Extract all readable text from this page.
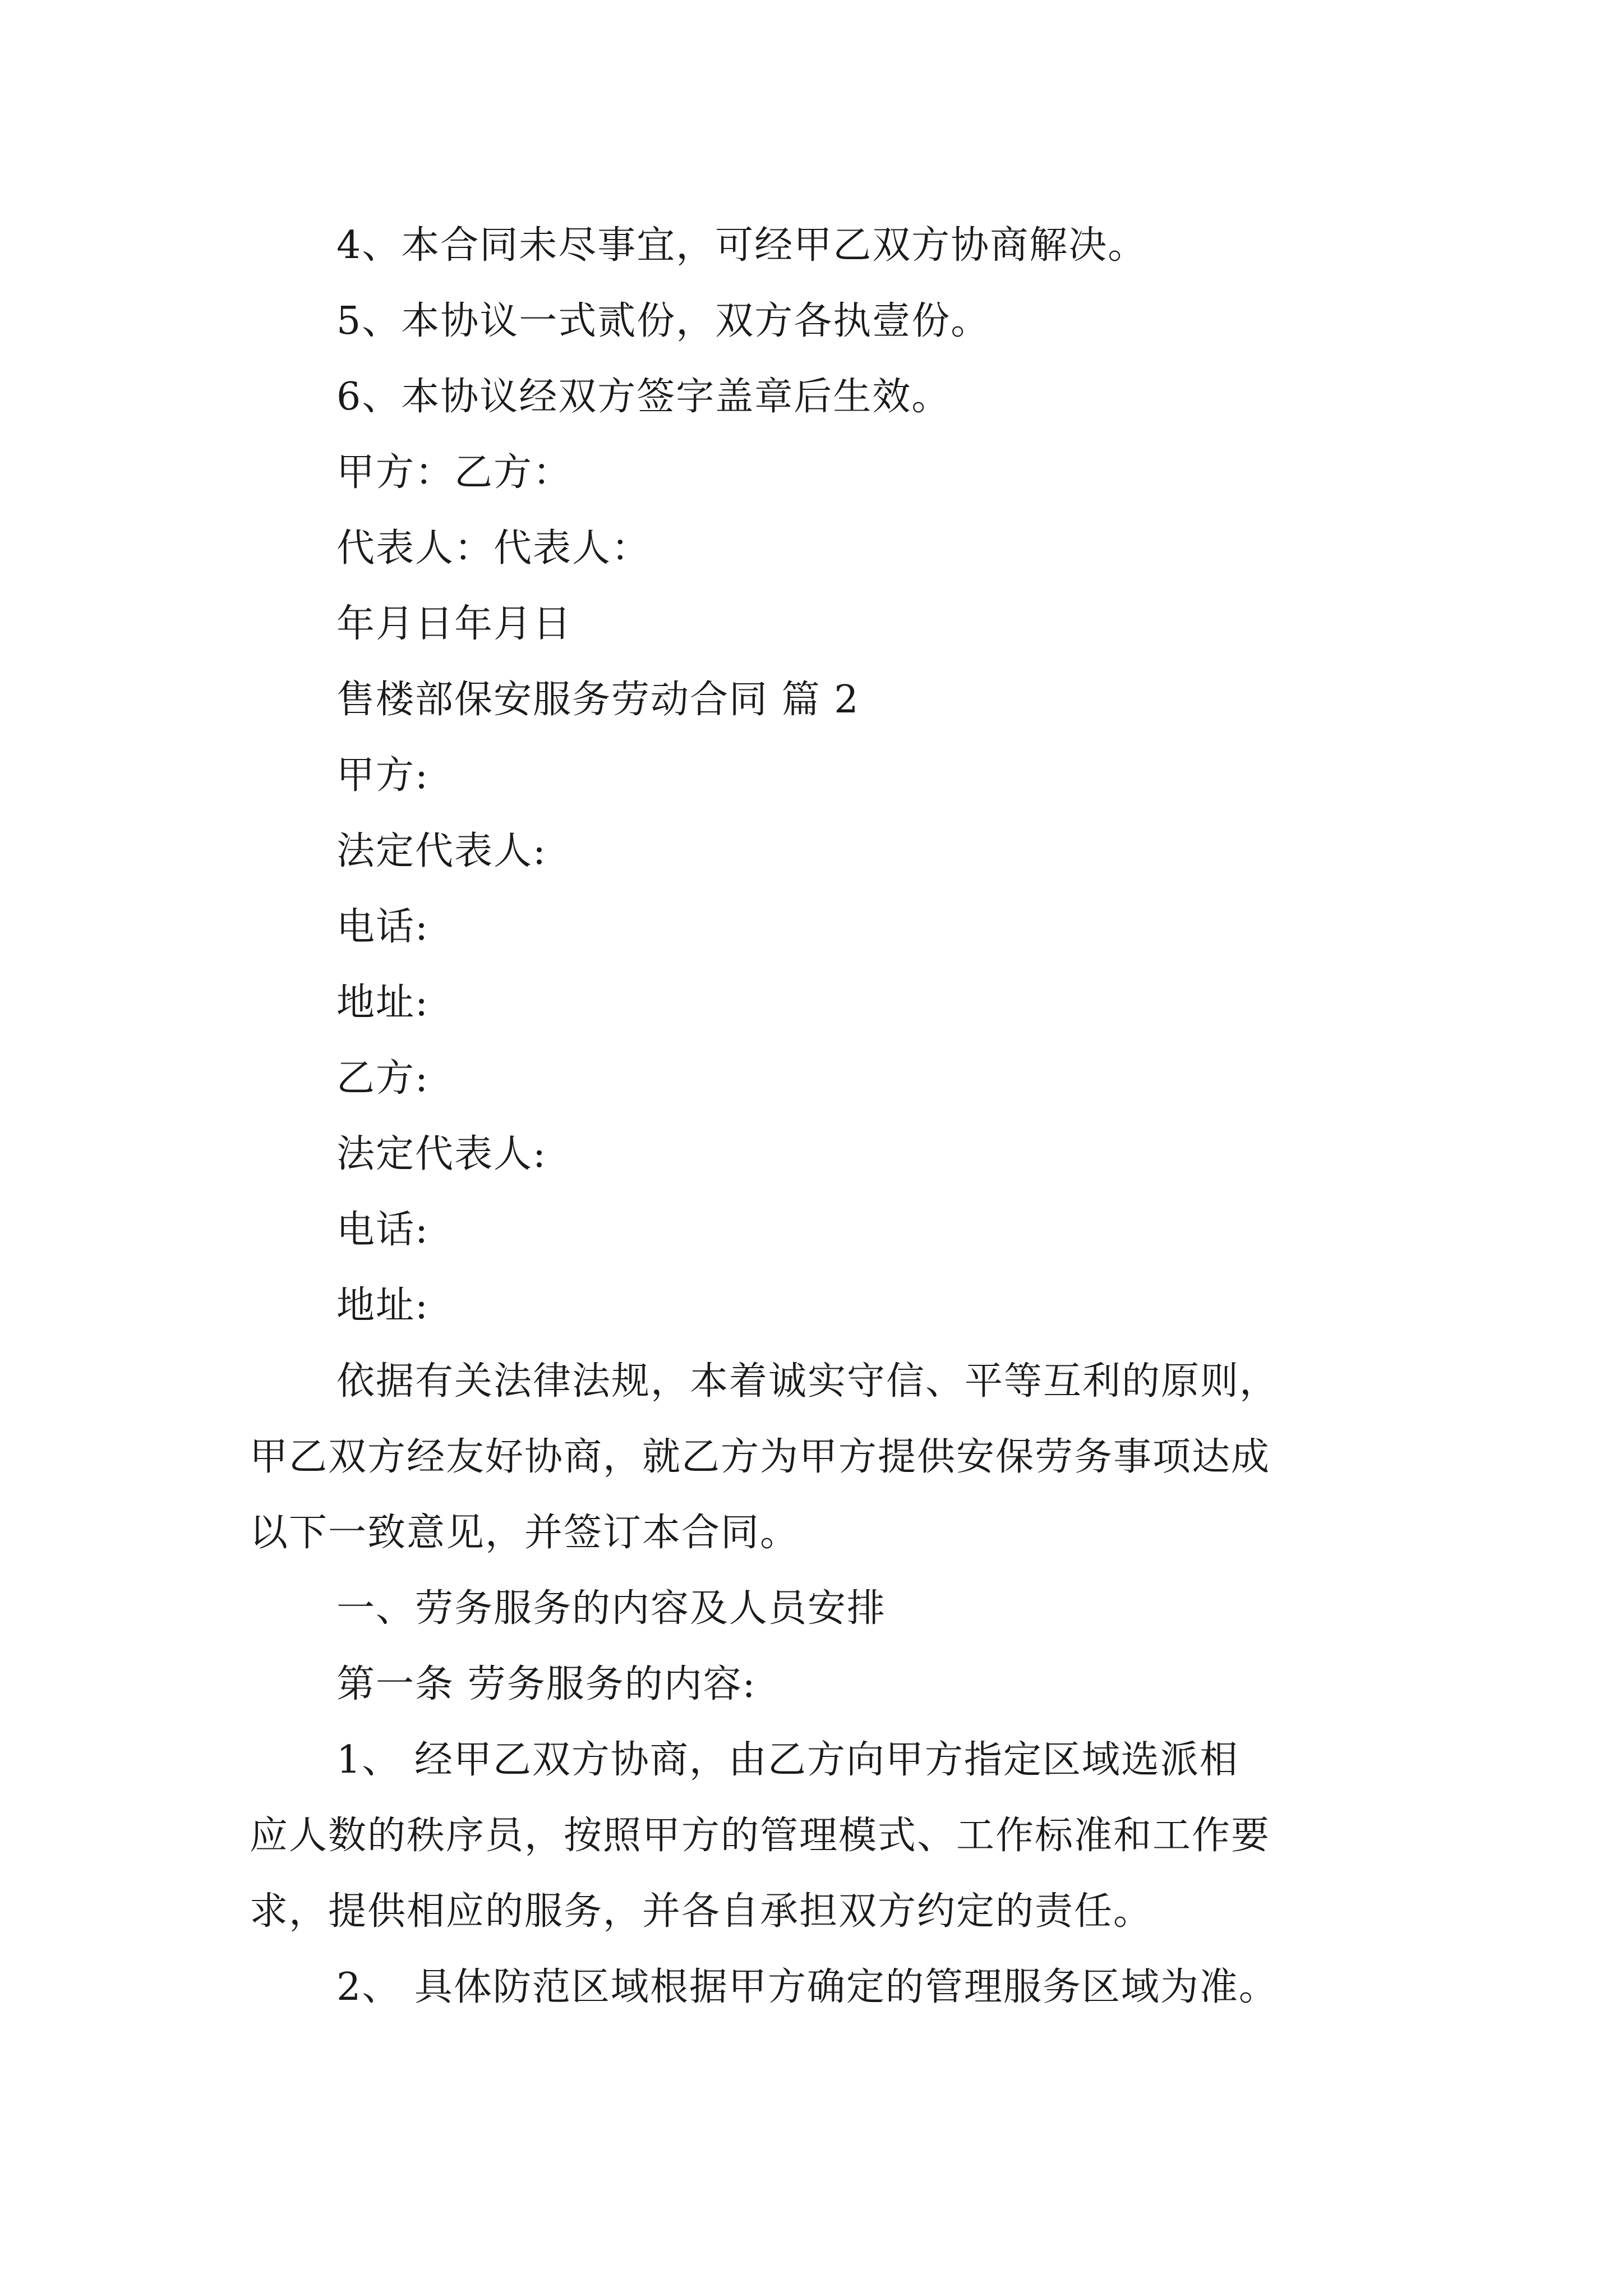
4、本合同未尽事宜，可经甲乙双方协商解决。
5、本协议一式贰份，双方各执壹份。
6、本协议经双方签字盖章后生效。
甲方：乙方：
代表人：代表人：
年月日年月日
售楼部保安服务劳动合同 篇 2
甲方:
法定代表人:
电话:
地址:
乙方:
法定代表人:
电话:
地址:
依据有关法律法规，本着诚实守信、平等互利的原则，
甲乙双方经友好协商，就乙方为甲方提供安保劳务事项达成
以下一致意见，并签订本合同。
一、劳务服务的内容及人员安排
第一条 劳务服务的内容:
1、 经甲乙双方协商，由乙方向甲方指定区域选派相
应人数的秩序员，按照甲方的管理模式、工作标准和工作要
求，提供相应的服务，并各自承担双方约定的责任。
2、 具体防范区域根据甲方确定的管理服务区域为准。
